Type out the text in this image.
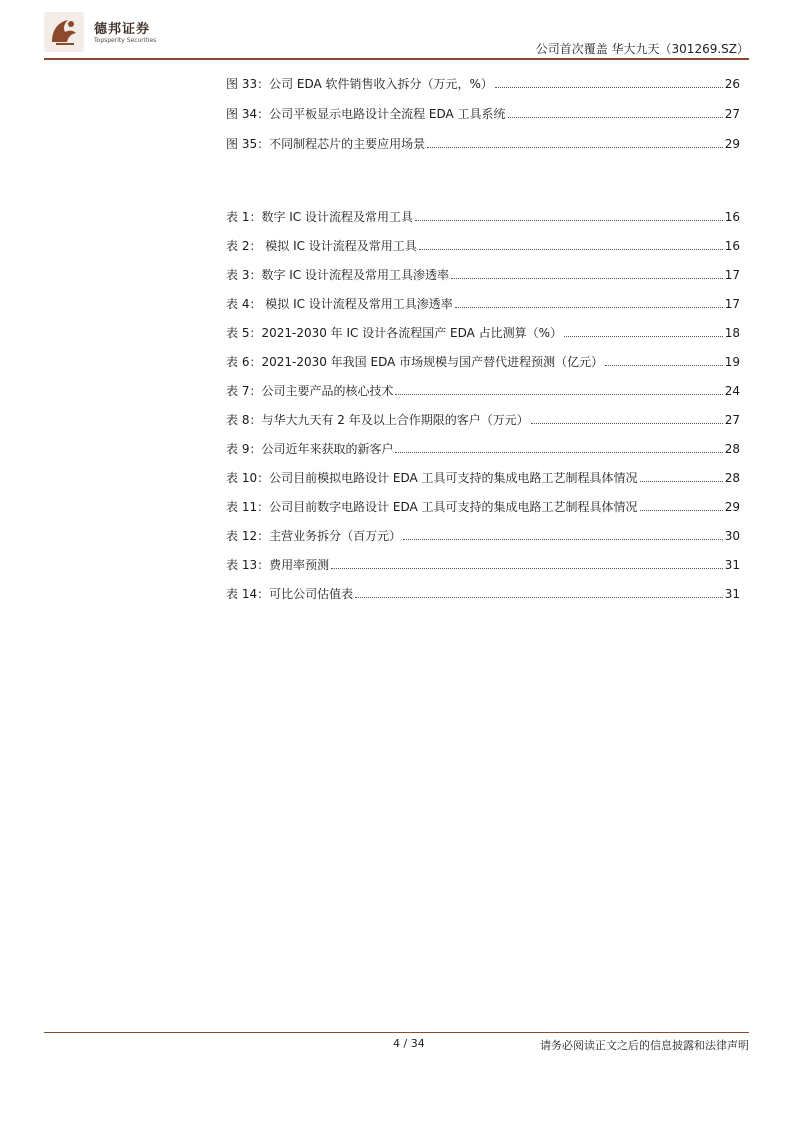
德邦证券
Topsperity Securities
公司首次覆盖 华大九天（301269.SZ）
图 33：公司 EDA 软件销售收入拆分（万元，%）	26
图 34：公司平板显示电路设计全流程 EDA 工具系统	27
图 35：不同制程芯片的主要应用场景	29
表 1：数字 IC 设计流程及常用工具	16
表 2： 模拟 IC 设计流程及常用工具	16
表 3：数字 IC 设计流程及常用工具渗透率	17
表 4： 模拟 IC 设计流程及常用工具渗透率	17
表 5：2021-2030 年 IC 设计各流程国产 EDA 占比测算（%）	18
表 6：2021-2030 年我国 EDA 市场规模与国产替代进程预测（亿元）	19
表 7：公司主要产品的核心技术	24
表 8：与华大九天有 2 年及以上合作期限的客户（万元）	27
表 9：公司近年来获取的新客户	28
表 10：公司目前模拟电路设计 EDA 工具可支持的集成电路工艺制程具体情况	28
表 11：公司目前数字电路设计 EDA 工具可支持的集成电路工艺制程具体情况	29
表 12：主营业务拆分（百万元）	30
表 13：费用率预测	31
表 14：可比公司估值表	31
4 / 34	请务必阅读正文之后的信息披露和法律声明
